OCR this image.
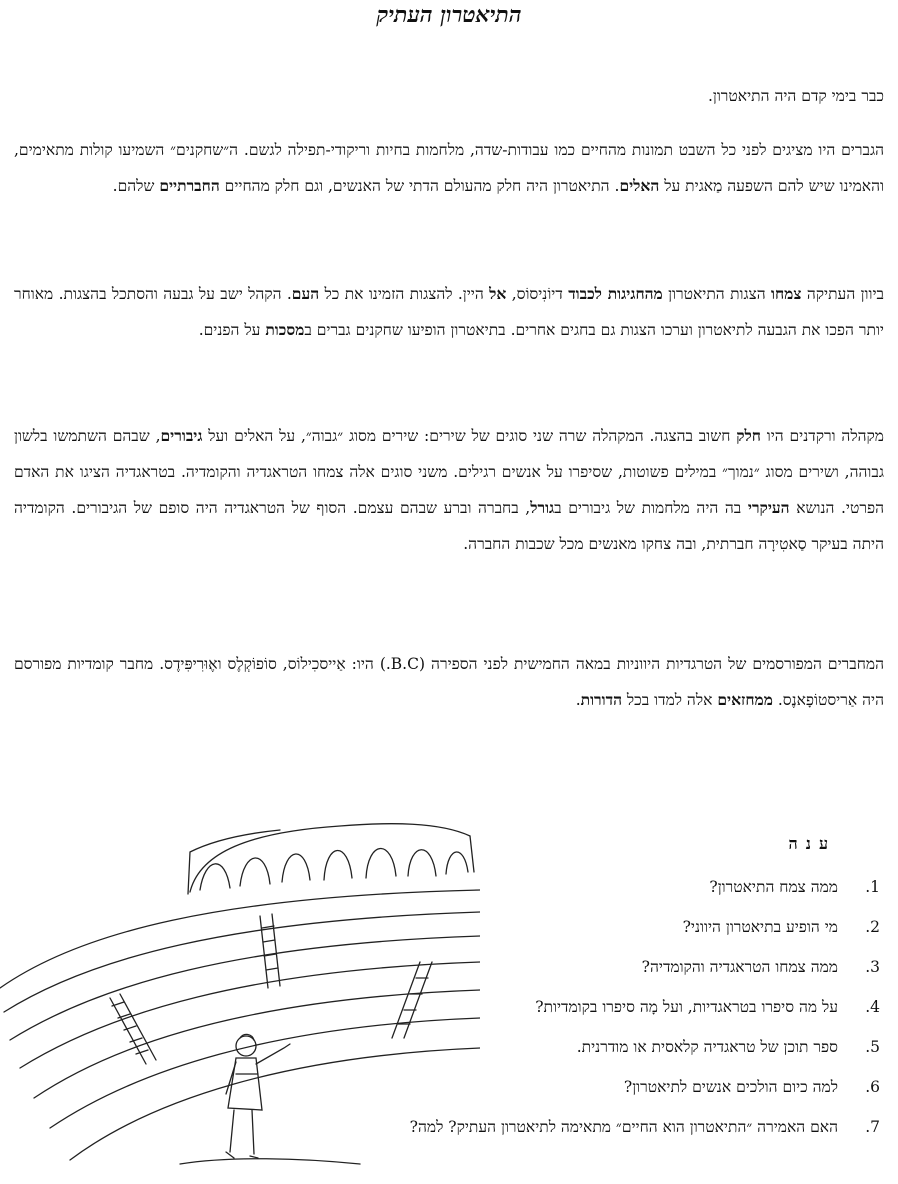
התיאטרון העתיק

כבר בימי קדם היה התיאטרון.

הגברים היו מציגים לפני כל השבט תמונות מהחיים כמו עבודות-שדה, מלחמות בחיות וריקודי-תפילה לגשם. ה״שחקנים״ השמיעו קולות מתאימים, והאמינו שיש להם השפעה מַאגית על האלים. התיאטרון היה חלק מהעולם הדתי של האנשים, וגם חלק מהחיים החברתיים שלהם.

ביוון העתיקה צמחו הצגות התיאטרון מהחגיגות לכבוד דיוֹנִיסוֹס, אל היין. להצגות הזמינו את כל העם. הקהל ישב על גבעה והסתכל בהצגות. מאוחר יותר הפכו את הגבעה לתיאטרון וערכו הצגות גם בחגים אחרים. בתיאטרון הופיעו שחקנים גברים במסכות על הפנים.

מקהלה ורקדנים היו חלק חשוב בהצגה. המקהלה שרה שני סוגים של שירים: שירים מסוג ״גבוה״, על האלים ועל גיבורים, שבהם השתמשו בלשון גבוהה, ושירים מסוג ״נמוך״ במילים פשוטות, שסיפרו על אנשים רגילים. משני סוגים אלה צמחו הטראגדיה והקומדיה. בטראגדיה הציגו את האדם הפרטי. הנושא העיקרי בה היה מלחמות של גיבורים בגורל, בחברה וברע שבהם עצמם. הסוף של הטראגדיה היה סופם של הגיבורים. הקומדיה היתה בעיקר סַאטִירָה חברתית, ובה צחקו מאנשים מכל שכבות החברה.

המחברים המפורסמים של הטרגדיות היווניות במאה החמישית לפני הספירה (B.C.) היו: אַייסכִילוֹס, סוֹפוֹקְלֶס ואֶוּרִיפִּידֶס. מחבר קומדיות מפורסם היה אַריסטוֹפָאנֶס. ממחזאים אלה למדו בכל הדורות.

ענה

1.
ממה צמח התיאטרון?
2.
מי הופיע בתיאטרון היווני?
3.
ממה צמחו הטראגדיה והקומדיה?
4.
על מה סיפרו בטראגדיות, ועל מָה סיפרו בקומדיות?
5.
ספר תוכן של טראגדיה קלאסית או מודרנית.
6.
למה כיום הולכים אנשים לתיאטרון?
7.
האם האמירה ״התיאטרון הוא החיים״ מתאימה לתיאטרון העתיק? למה?
